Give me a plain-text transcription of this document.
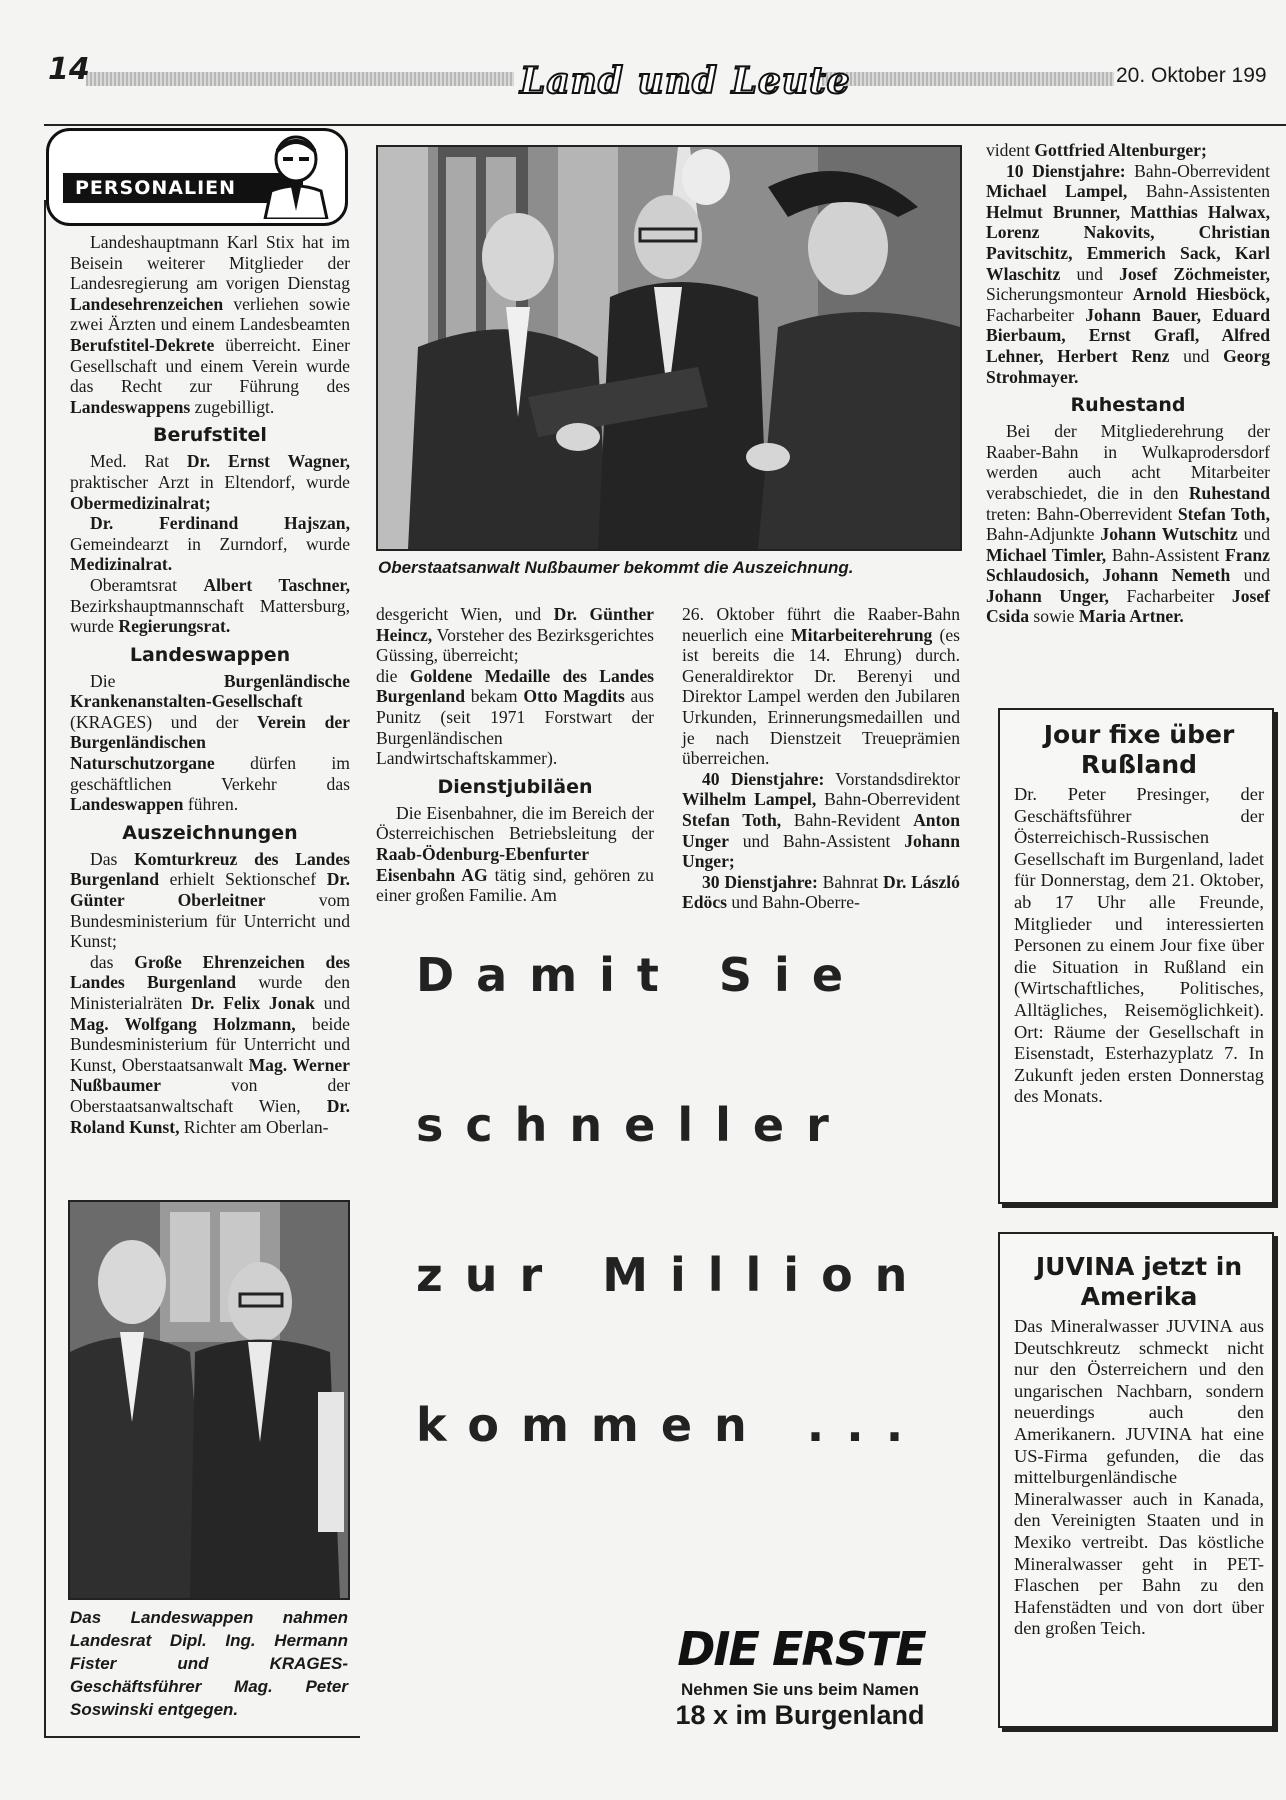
14	Land und Leute	20. Oktober 199
PERSONALIEN

Landeshauptmann Karl Stix hat im Beisein weiterer Mitglieder der Landesregierung am vorigen Dienstag Landesehrenzeichen verliehen sowie zwei Ärzten und einem Landesbeamten Berufstitel-Dekrete überreicht. Einer Gesellschaft und einem Verein wurde das Recht zur Führung des Landeswappens zugebilligt.

Berufstitel

Med. Rat Dr. Ernst Wagner, praktischer Arzt in Eltendorf, wurde Obermedizinalrat;

Dr. Ferdinand Hajszan, Gemeindearzt in Zurndorf, wurde Medizinalrat.

Oberamtsrat Albert Taschner, Bezirkshauptmannschaft Mattersburg, wurde Regierungsrat.

Landeswappen

Die Burgenländische Krankenanstalten-Gesellschaft (KRAGES) und der Verein der Burgenländischen Naturschutzorgane dürfen im geschäftlichen Verkehr das Landeswappen führen.

Auszeichnungen

Das Komturkreuz des Landes Burgenland erhielt Sektionschef Dr. Günter Oberleitner vom Bundesministerium für Unterricht und Kunst;

das Große Ehrenzeichen des Landes Burgenland wurde den Ministerialräten Dr. Felix Jonak und Mag. Wolfgang Holzmann, beide Bundesministerium für Unterricht und Kunst, Oberstaatsanwalt Mag. Werner Nußbaumer von der Oberstaatsanwaltschaft Wien, Dr. Roland Kunst, Richter am Oberlan-

Das Landeswappen nahmen Landesrat Dipl. Ing. Hermann Fister und KRAGES-Geschäftsführer Mag. Peter Soswinski entgegen.
Oberstaatsanwalt Nußbaumer bekommt die Auszeichnung.

desgericht Wien, und Dr. Günther Heincz, Vorsteher des Bezirksgerichtes Güssing, überreicht;

die Goldene Medaille des Landes Burgenland bekam Otto Magdits aus Punitz (seit 1971 Forstwart der Burgenländischen Landwirtschaftskammer).

Dienstjubiläen

Die Eisenbahner, die im Bereich der Österreichischen Betriebsleitung der Raab-Ödenburg-Ebenfurter Eisenbahn AG tätig sind, gehören zu einer großen Familie. Am

26. Oktober führt die Raaber-Bahn neuerlich eine Mitarbeiterehrung (es ist bereits die 14. Ehrung) durch. Generaldirektor Dr. Berenyi und Direktor Lampel werden den Jubilaren Urkunden, Erinnerungsmedaillen und je nach Dienstzeit Treueprämien überreichen.

40 Dienstjahre: Vorstandsdirektor Wilhelm Lampel, Bahn-Oberrevident Stefan Toth, Bahn-Revident Anton Unger und Bahn-Assistent Johann Unger;

30 Dienstjahre: Bahnrat Dr. László Edöcs und Bahn-Oberre-

vident Gottfried Altenburger;

10 Dienstjahre: Bahn-Oberrevident Michael Lampel, Bahn-Assistenten Helmut Brunner, Matthias Halwax, Lorenz Nakovits, Christian Pavitschitz, Emmerich Sack, Karl Wlaschitz und Josef Zöchmeister, Sicherungsmonteur Arnold Hiesböck, Facharbeiter Johann Bauer, Eduard Bierbaum, Ernst Grafl, Alfred Lehner, Herbert Renz und Georg Strohmayer.

Ruhestand

Bei der Mitgliederehrung der Raaber-Bahn in Wulkaprodersdorf werden auch acht Mitarbeiter verabschiedet, die in den Ruhestand treten: Bahn-Oberrevident Stefan Toth, Bahn-Adjunkte Johann Wutschitz und Michael Timler, Bahn-Assistent Franz Schlaudosich, Johann Nemeth und Johann Unger, Facharbeiter Josef Csida sowie Maria Artner.

Jour fixe über Rußland

Dr. Peter Presinger, der Geschäftsführer der Österreichisch-Russischen Gesellschaft im Burgenland, ladet für Donnerstag, dem 21. Oktober, ab 17 Uhr alle Freunde, Mitglieder und interessierten Personen zu einem Jour fixe über die Situation in Rußland ein (Wirtschaftliches, Politisches, Alltägliches, Reisemöglichkeit). Ort: Räume der Gesellschaft in Eisenstadt, Esterhazyplatz 7. In Zukunft jeden ersten Donnerstag des Monats.

JUVINA jetzt in Amerika

Das Mineralwasser JUVINA aus Deutschkreutz schmeckt nicht nur den Österreichern und den ungarischen Nachbarn, sondern neuerdings auch den Amerikanern. JUVINA hat eine US-Firma gefunden, die das mittelburgenländische Mineralwasser auch in Kanada, den Vereinigten Staaten und in Mexiko vertreibt. Das köstliche Mineralwasser geht in PET-Flaschen per Bahn zu den Hafenstädten und von dort über den großen Teich.

Damit Sie
schneller
zur Million
kommen ...
DIE ERSTE
Nehmen Sie uns beim Namen
18 x im Burgenland
